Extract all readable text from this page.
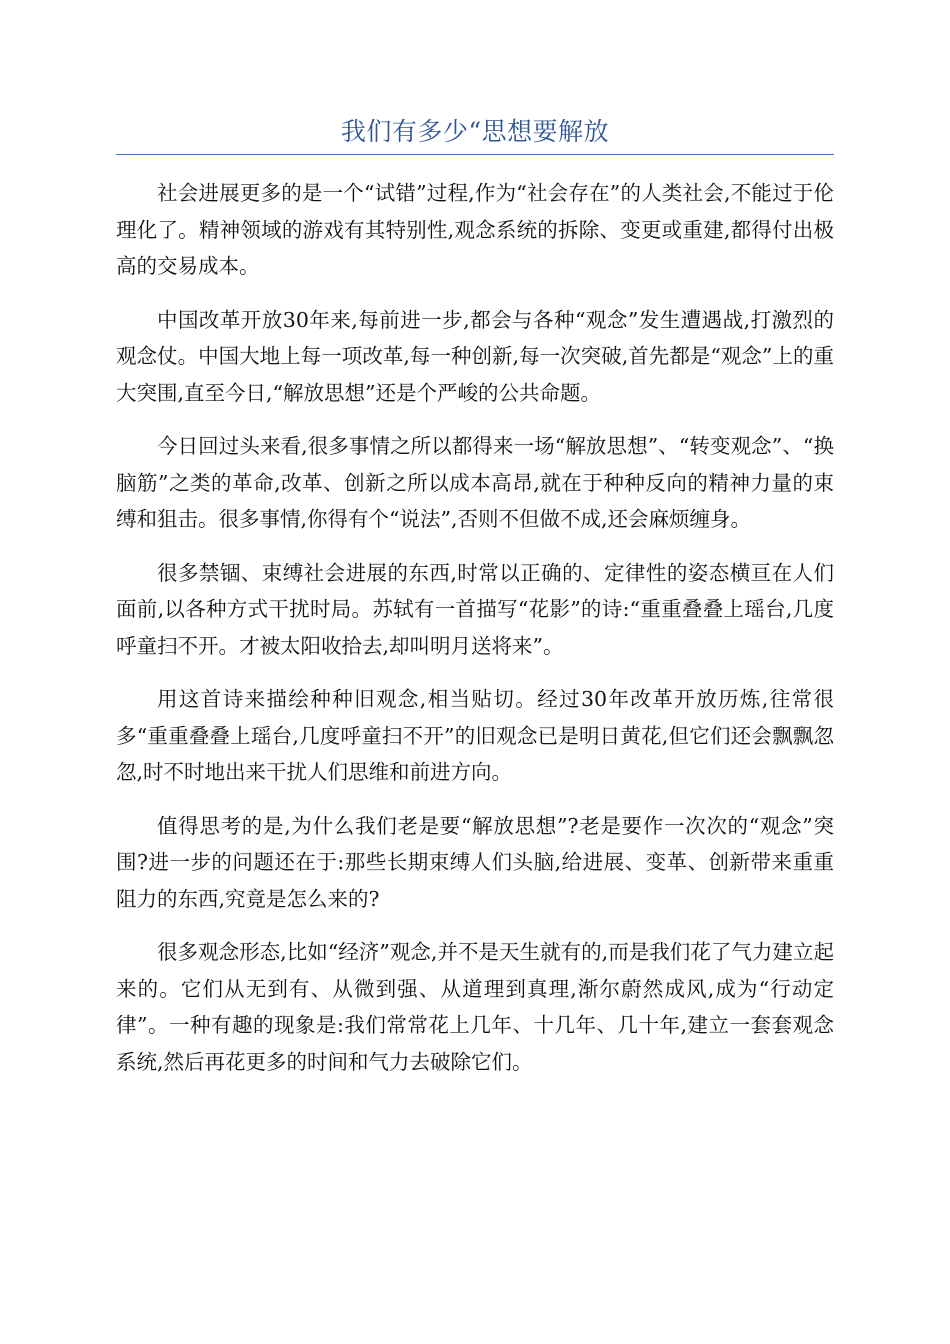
我们有多少“思想要解放

社会进展更多的是一个“试错”过程,作为“社会存在”的人类社会,不能过于伦理化了。精神领域的游戏有其特别性,观念系统的拆除、变更或重建,都得付出极高的交易成本。

中国改革开放30年来,每前进一步,都会与各种“观念”发生遭遇战,打激烈的观念仗。中国大地上每一项改革,每一种创新,每一次突破,首先都是“观念”上的重大突围,直至今日,“解放思想”还是个严峻的公共命题。

今日回过头来看,很多事情之所以都得来一场“解放思想”、“转变观念”、“换脑筋”之类的革命,改革、创新之所以成本高昂,就在于种种反向的精神力量的束缚和狙击。很多事情,你得有个“说法”,否则不但做不成,还会麻烦缠身。

很多禁锢、束缚社会进展的东西,时常以正确的、定律性的姿态横亘在人们面前,以各种方式干扰时局。苏轼有一首描写“花影”的诗:“重重叠叠上瑶台,几度呼童扫不开。才被太阳收拾去,却叫明月送将来”。

用这首诗来描绘种种旧观念,相当贴切。经过30年改革开放历炼,往常很多“重重叠叠上瑶台,几度呼童扫不开”的旧观念已是明日黄花,但它们还会飘飘忽忽,时不时地出来干扰人们思维和前进方向。

值得思考的是,为什么我们老是要“解放思想”?老是要作一次次的“观念”突围?进一步的问题还在于:那些长期束缚人们头脑,给进展、变革、创新带来重重阻力的东西,究竟是怎么来的?

很多观念形态,比如“经济”观念,并不是天生就有的,而是我们花了气力建立起来的。它们从无到有、从微到强、从道理到真理,渐尔蔚然成风,成为“行动定律”。一种有趣的现象是:我们常常花上几年、十几年、几十年,建立一套套观念系统,然后再花更多的时间和气力去破除它们。
